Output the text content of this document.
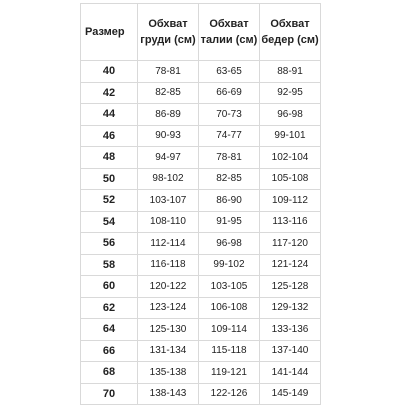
Размер	Обхват груди (см)	Обхват талии (см)	Обхват бедер (см)
40	78-81	63-65	88-91
42	82-85	66-69	92-95
44	86-89	70-73	96-98
46	90-93	74-77	99-101
48	94-97	78-81	102-104
50	98-102	82-85	105-108
52	103-107	86-90	109-112
54	108-110	91-95	113-116
56	112-114	96-98	117-120
58	116-118	99-102	121-124
60	120-122	103-105	125-128
62	123-124	106-108	129-132
64	125-130	109-114	133-136
66	131-134	115-118	137-140
68	135-138	119-121	141-144
70	138-143	122-126	145-149
